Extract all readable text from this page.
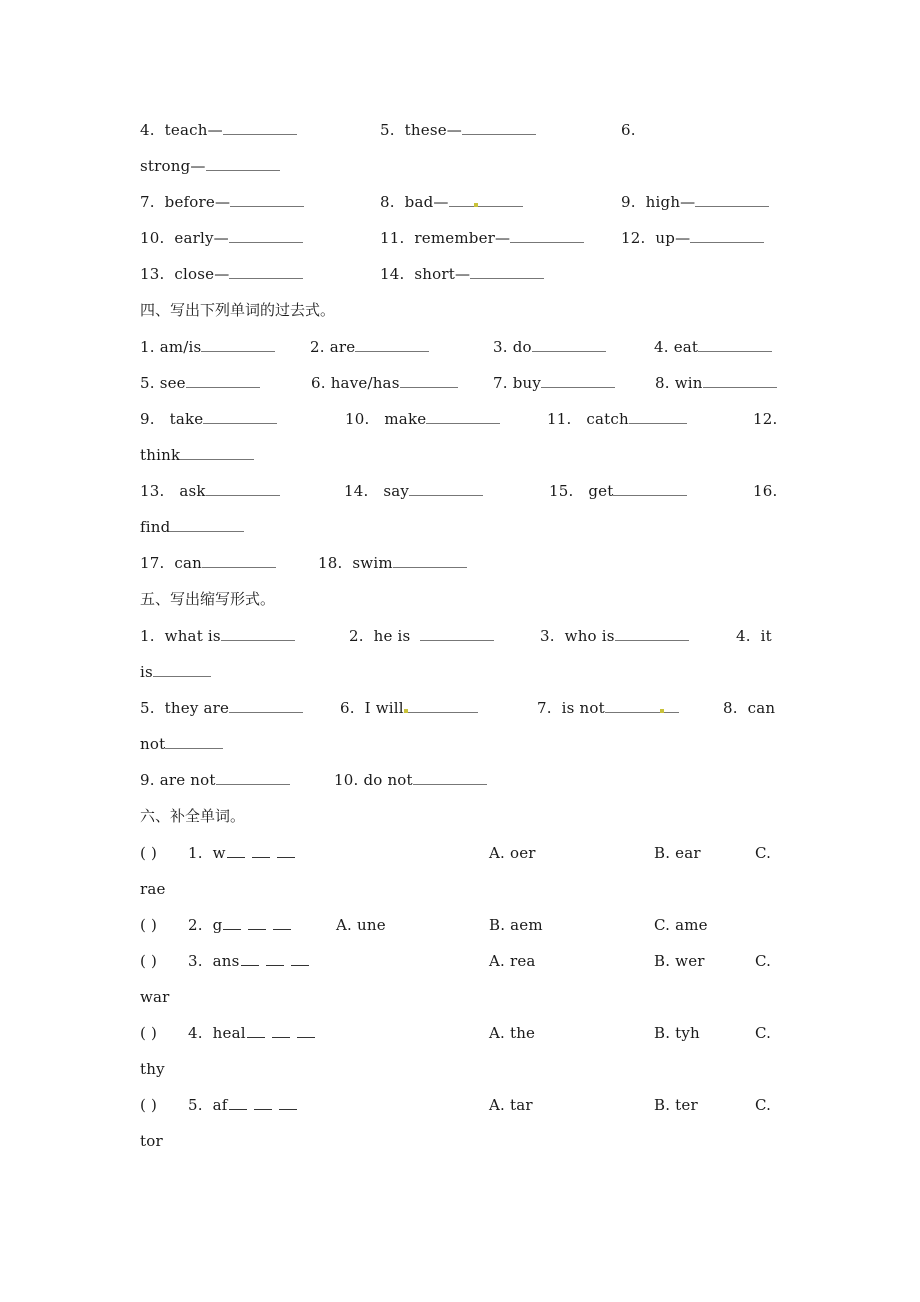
4. teach—	5. these—	6.
strong—
7. before—	8. bad—	9. high—
10. early—	11. remember—	12. up—
13. close—	14. short—
四、写出下列单词的过去式。
1. am/is	2. are	3. do	4. eat
5. see	6. have/has	7. buy	8. win
9. take	10. make	11. catch	12.
think
13. ask	14. say	15. get	16.
find
17. can	18. swim
五、写出缩写形式。
1. what is	2. he is	3. who is	4. it
is
5. they are	6. I will	7. is not	8. can
not
9. are not	10. do not
六、补全单词。
( )	1. w	A. oer	B. ear	C.
rae
( )	2. g	A. une	B. aem	C. ame
( )	3. ans	A. rea	B. wer	C.
war
( )	4. heal	A. the	B. tyh	C.
thy
( )	5. af	A. tar	B. ter	C.
tor
